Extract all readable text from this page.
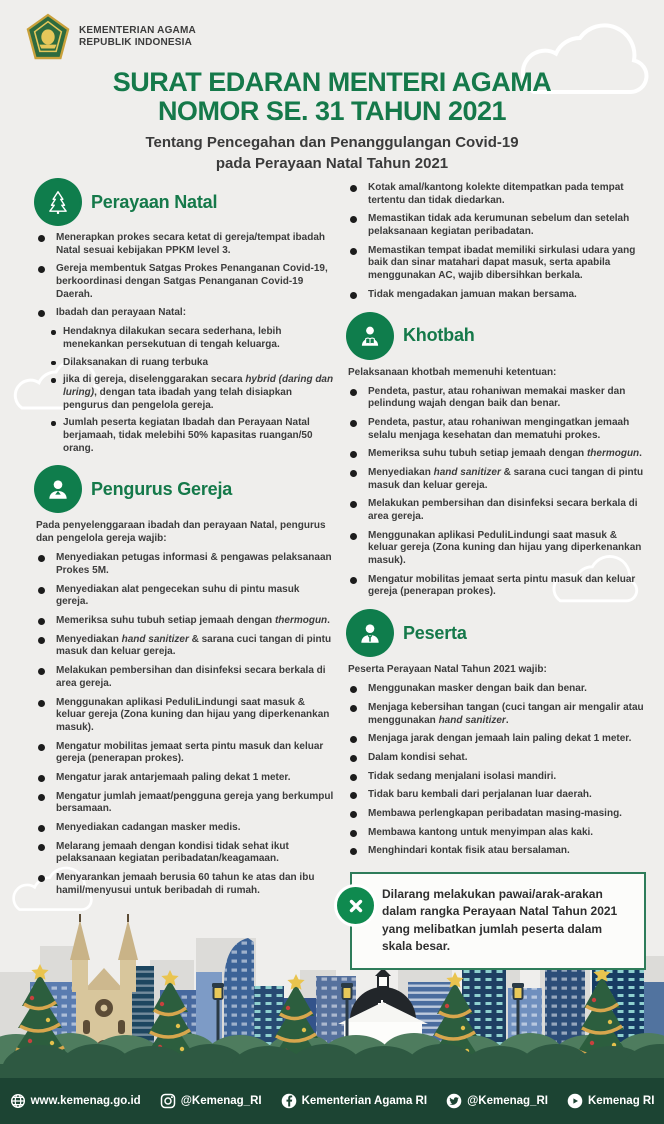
KEMENTERIAN AGAMA
REPUBLIK INDONESIA
SURAT EDARAN MENTERI AGAMA
NOMOR SE. 31 TAHUN 2021
Tentang Pencegahan dan Penanggulangan Covid-19
pada Perayaan Natal Tahun 2021
Perayaan Natal
Menerapkan prokes secara ketat di gereja/tempat ibadah Natal sesuai kebijakan PPKM level 3.
Gereja membentuk Satgas Prokes Penanganan Covid-19, berkoordinasi dengan Satgas Penanganan Covid-19 Daerah.
Ibadah dan perayaan Natal:
Hendaknya dilakukan secara sederhana, lebih menekankan persekutuan di tengah keluarga.
Dilaksanakan di ruang terbuka
jika di gereja, diselenggarakan secara hybrid (daring dan luring), dengan tata ibadah yang telah disiapkan pengurus dan pengelola gereja.
Jumlah peserta kegiatan Ibadah dan Perayaan Natal berjamaah, tidak melebihi 50% kapasitas ruangan/50 orang.
Pengurus Gereja

Pada penyelenggaraan ibadah dan perayaan Natal, pengurus dan pengelola gereja wajib:

Menyediakan petugas informasi & pengawas pelaksanaan Prokes 5M.
Menyediakan alat pengecekan suhu di pintu masuk gereja.
Memeriksa suhu tubuh setiap jemaah dengan thermogun.
Menyediakan hand sanitizer & sarana cuci tangan di pintu masuk dan keluar gereja.
Melakukan pembersihan dan disinfeksi secara berkala di area gereja.
Menggunakan aplikasi PeduliLindungi saat masuk & keluar gereja (Zona kuning dan hijau yang diperkenankan masuk).
Mengatur mobilitas jemaat serta pintu masuk dan keluar gereja (penerapan prokes).
Mengatur jarak antarjemaah paling dekat 1 meter.
Mengatur jumlah jemaat/pengguna gereja yang berkumpul bersamaan.
Menyediakan cadangan masker medis.
Melarang jemaah dengan kondisi tidak sehat ikut pelaksanaan kegiatan peribadatan/keagamaan.
Menyarankan jemaah berusia 60 tahun ke atas dan ibu hamil/menyusui untuk beribadah di rumah.
Kotak amal/kantong kolekte ditempatkan pada tempat tertentu dan tidak diedarkan.
Memastikan tidak ada kerumunan sebelum dan setelah pelaksanaan kegiatan peribadatan.
Memastikan tempat ibadat memiliki sirkulasi udara yang baik dan sinar matahari dapat masuk, serta apabila menggunakan AC, wajib dibersihkan berkala.
Tidak mengadakan jamuan makan bersama.
Khotbah

Pelaksanaan khotbah memenuhi ketentuan:

Pendeta, pastur, atau rohaniwan memakai masker dan pelindung wajah dengan baik dan benar.
Pendeta, pastur, atau rohaniwan mengingatkan jemaah selalu menjaga kesehatan dan mematuhi prokes.
Memeriksa suhu tubuh setiap jemaah dengan thermogun.
Menyediakan hand sanitizer & sarana cuci tangan di pintu masuk dan keluar gereja.
Melakukan pembersihan dan disinfeksi secara berkala di area gereja.
Menggunakan aplikasi PeduliLindungi saat masuk & keluar gereja (Zona kuning dan hijau yang diperkenankan masuk).
Mengatur mobilitas jemaat serta pintu masuk dan keluar gereja (penerapan prokes).
Peserta

Peserta Perayaan Natal Tahun 2021 wajib:

Menggunakan masker dengan baik dan benar.
Menjaga kebersihan tangan (cuci tangan air mengalir atau menggunakan hand sanitizer.
Menjaga jarak dengan jemaah lain paling dekat 1 meter.
Dalam kondisi sehat.
Tidak sedang menjalani isolasi mandiri.
Tidak baru kembali dari perjalanan luar daerah.
Membawa perlengkapan peribadatan masing-masing.
Membawa kantong untuk menyimpan alas kaki.
Menghindari kontak fisik atau bersalaman.
Dilarang melakukan pawai/arak-arakan dalam rangka Perayaan Natal Tahun 2021 yang melibatkan jumlah peserta dalam skala besar.
www.kemenag.go.id	@Kemenag_RI	Kementerian Agama RI	@Kemenag_RI	Kemenag RI
